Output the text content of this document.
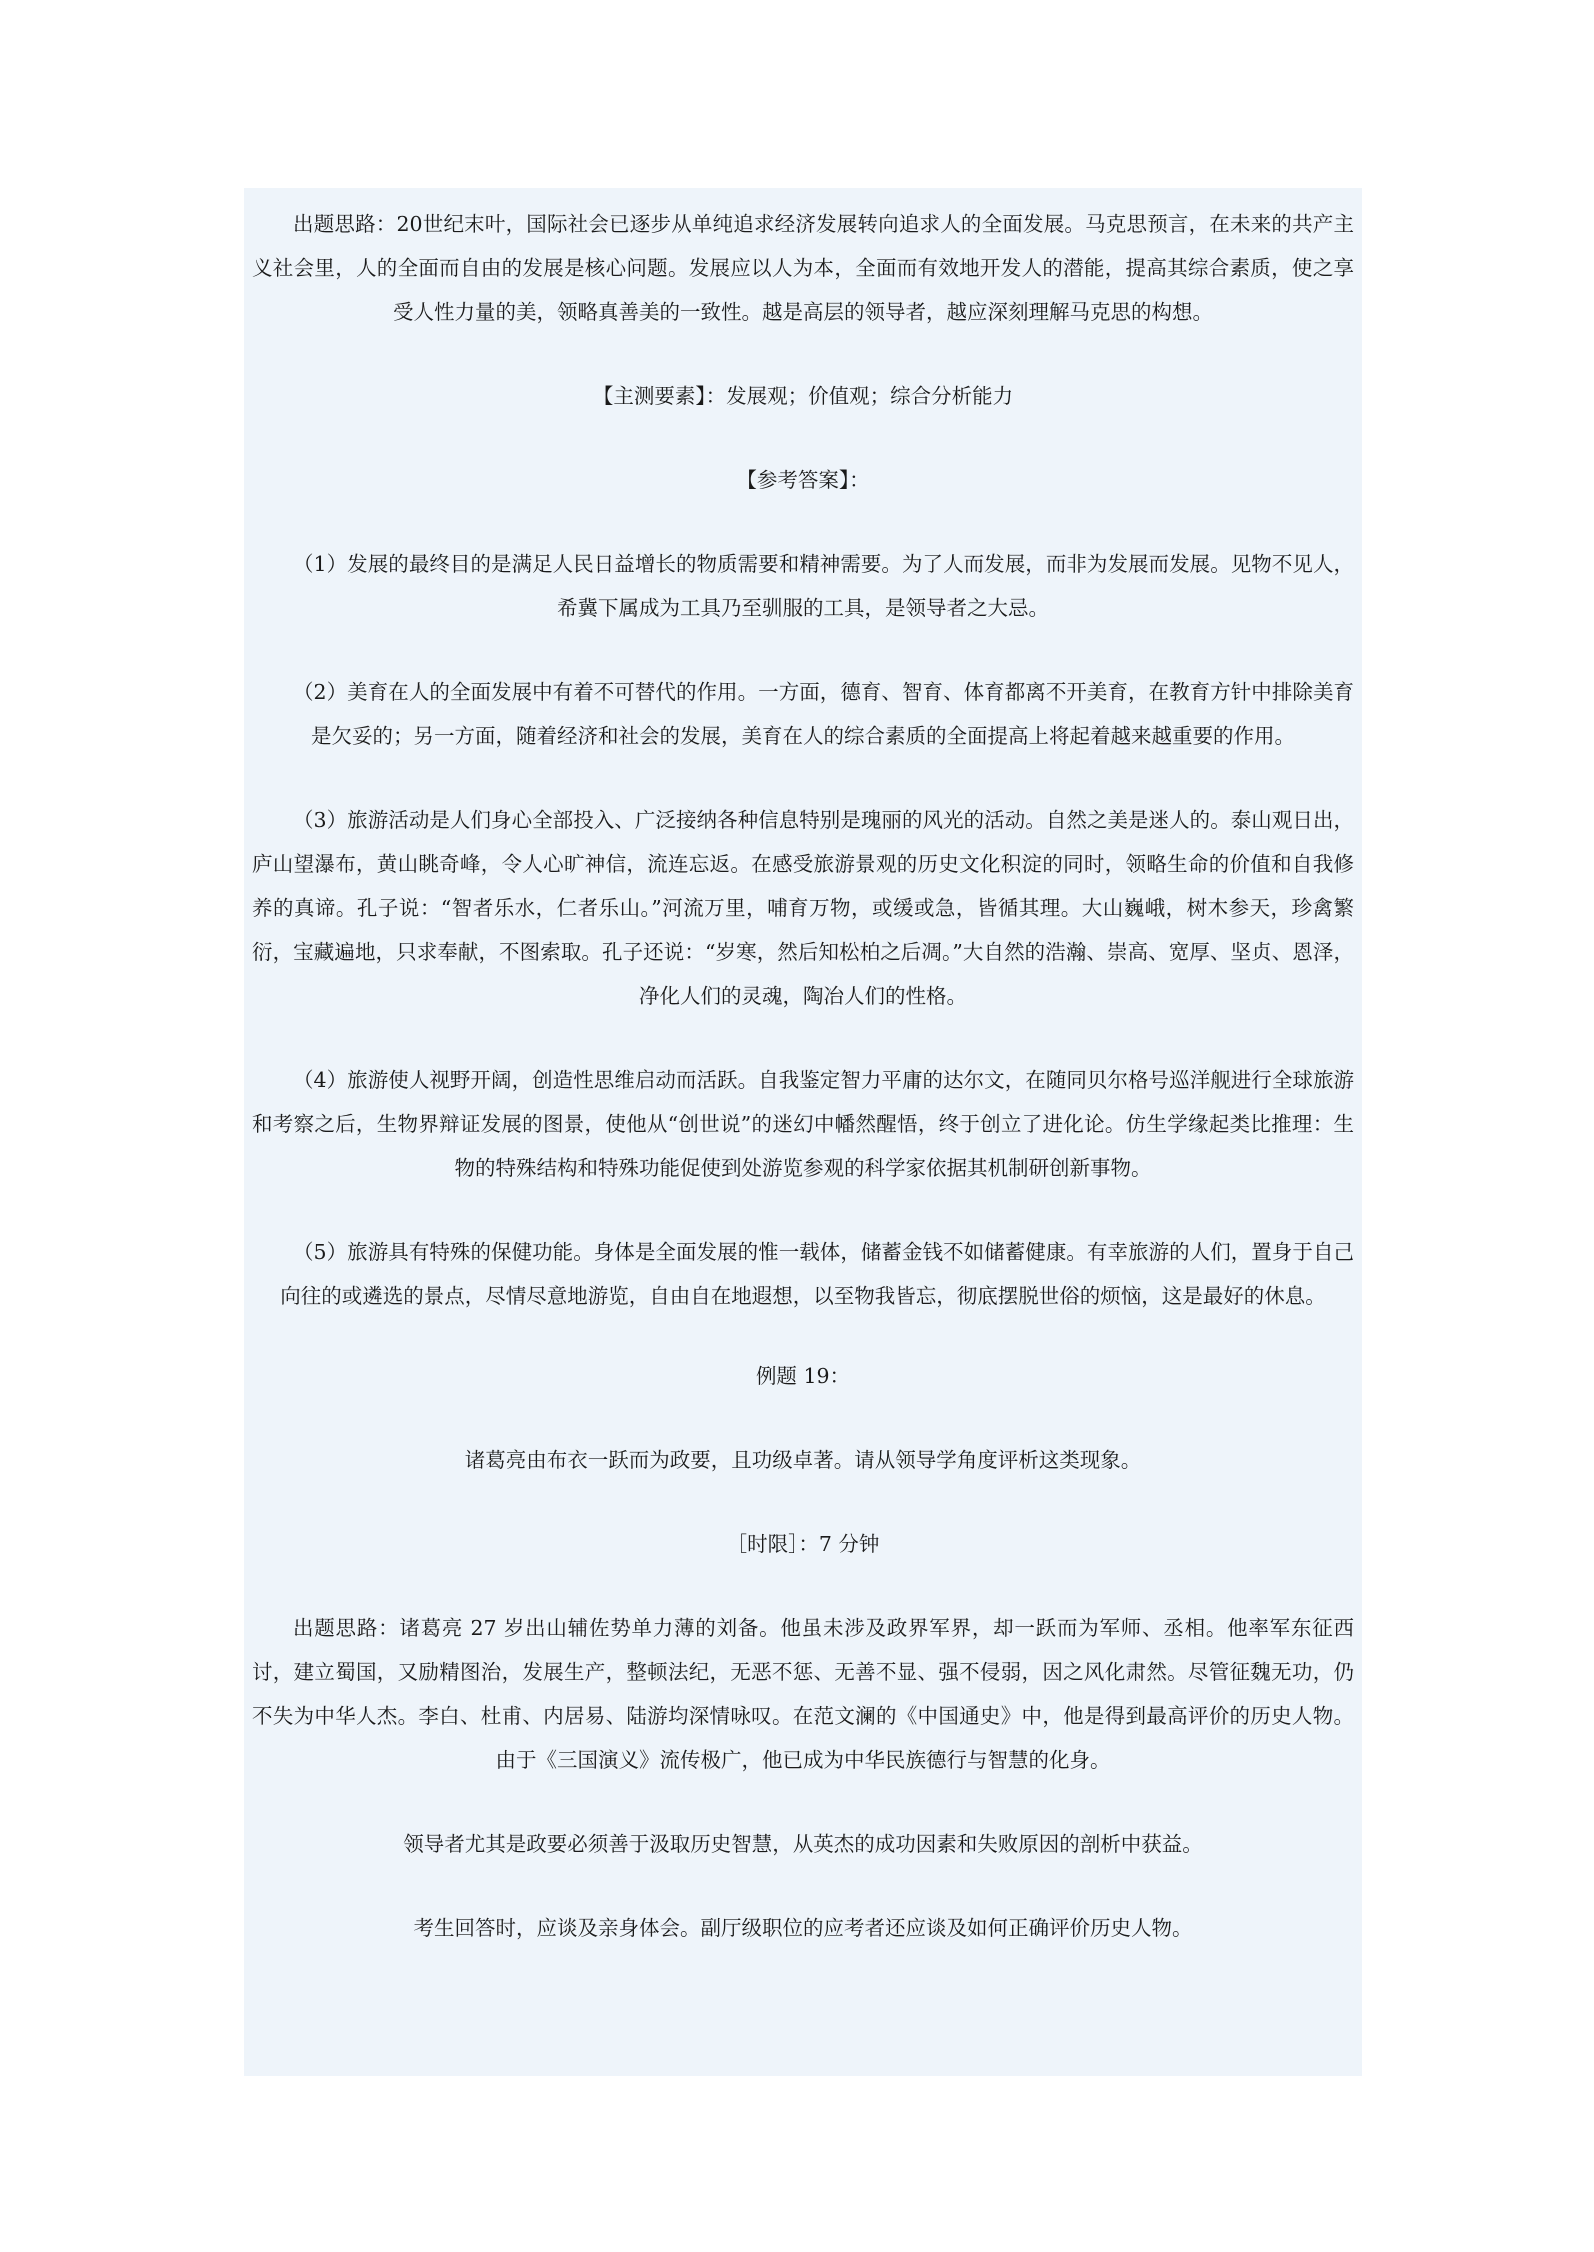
出题思路：20世纪末叶，国际社会已逐步从单纯追求经济发展转向追求人的全面发展。马克思预言，在未来的共产主义社会里，人的全面而自由的发展是核心问题。发展应以人为本，全面而有效地开发人的潜能，提高其综合素质，使之享受人性力量的美，领略真善美的一致性。越是高层的领导者，越应深刻理解马克思的构想。

【主测要素】：发展观；价值观；综合分析能力

【参考答案】：

（1）发展的最终目的是满足人民日益增长的物质需要和精神需要。为了人而发展，而非为发展而发展。见物不见人，希冀下属成为工具乃至驯服的工具，是领导者之大忌。

（2）美育在人的全面发展中有着不可替代的作用。一方面，德育、智育、体育都离不开美育，在教育方针中排除美育是欠妥的；另一方面，随着经济和社会的发展，美育在人的综合素质的全面提高上将起着越来越重要的作用。

（3）旅游活动是人们身心全部投入、广泛接纳各种信息特别是瑰丽的风光的活动。自然之美是迷人的。泰山观日出，庐山望瀑布，黄山眺奇峰，令人心旷神信，流连忘返。在感受旅游景观的历史文化积淀的同时，领略生命的价值和自我修养的真谛。孔子说：“智者乐水，仁者乐山。”河流万里，哺育万物，或缓或急，皆循其理。大山巍峨，树木参天，珍禽繁衍，宝藏遍地，只求奉献，不图索取。孔子还说：“岁寒，然后知松柏之后凋。”大自然的浩瀚、崇高、宽厚、坚贞、恩泽，净化人们的灵魂，陶冶人们的性格。

（4）旅游使人视野开阔，创造性思维启动而活跃。自我鉴定智力平庸的达尔文，在随同贝尔格号巡洋舰进行全球旅游和考察之后，生物界辩证发展的图景，使他从“创世说”的迷幻中幡然醒悟，终于创立了进化论。仿生学缘起类比推理：生物的特殊结构和特殊功能促使到处游览参观的科学家依据其机制研创新事物。

（5）旅游具有特殊的保健功能。身体是全面发展的惟一载体，储蓄金钱不如储蓄健康。有幸旅游的人们，置身于自己向往的或遴选的景点，尽情尽意地游览，自由自在地遐想，以至物我皆忘，彻底摆脱世俗的烦恼，这是最好的休息。

例题 19：

诸葛亮由布衣一跃而为政要，且功级卓著。请从领导学角度评析这类现象。

［时限］：7 分钟

出题思路：诸葛亮 27 岁出山辅佐势单力薄的刘备。他虽未涉及政界军界，却一跃而为军师、丞相。他率军东征西讨，建立蜀国，又励精图治，发展生产，整顿法纪，无恶不惩、无善不显、强不侵弱，因之风化肃然。尽管征魏无功，仍不失为中华人杰。李白、杜甫、内居易、陆游均深情咏叹。在范文澜的《中国通史》中，他是得到最高评价的历史人物。由于《三国演义》流传极广，他已成为中华民族德行与智慧的化身。

领导者尤其是政要必须善于汲取历史智慧，从英杰的成功因素和失败原因的剖析中获益。

考生回答时，应谈及亲身体会。副厅级职位的应考者还应谈及如何正确评价历史人物。
